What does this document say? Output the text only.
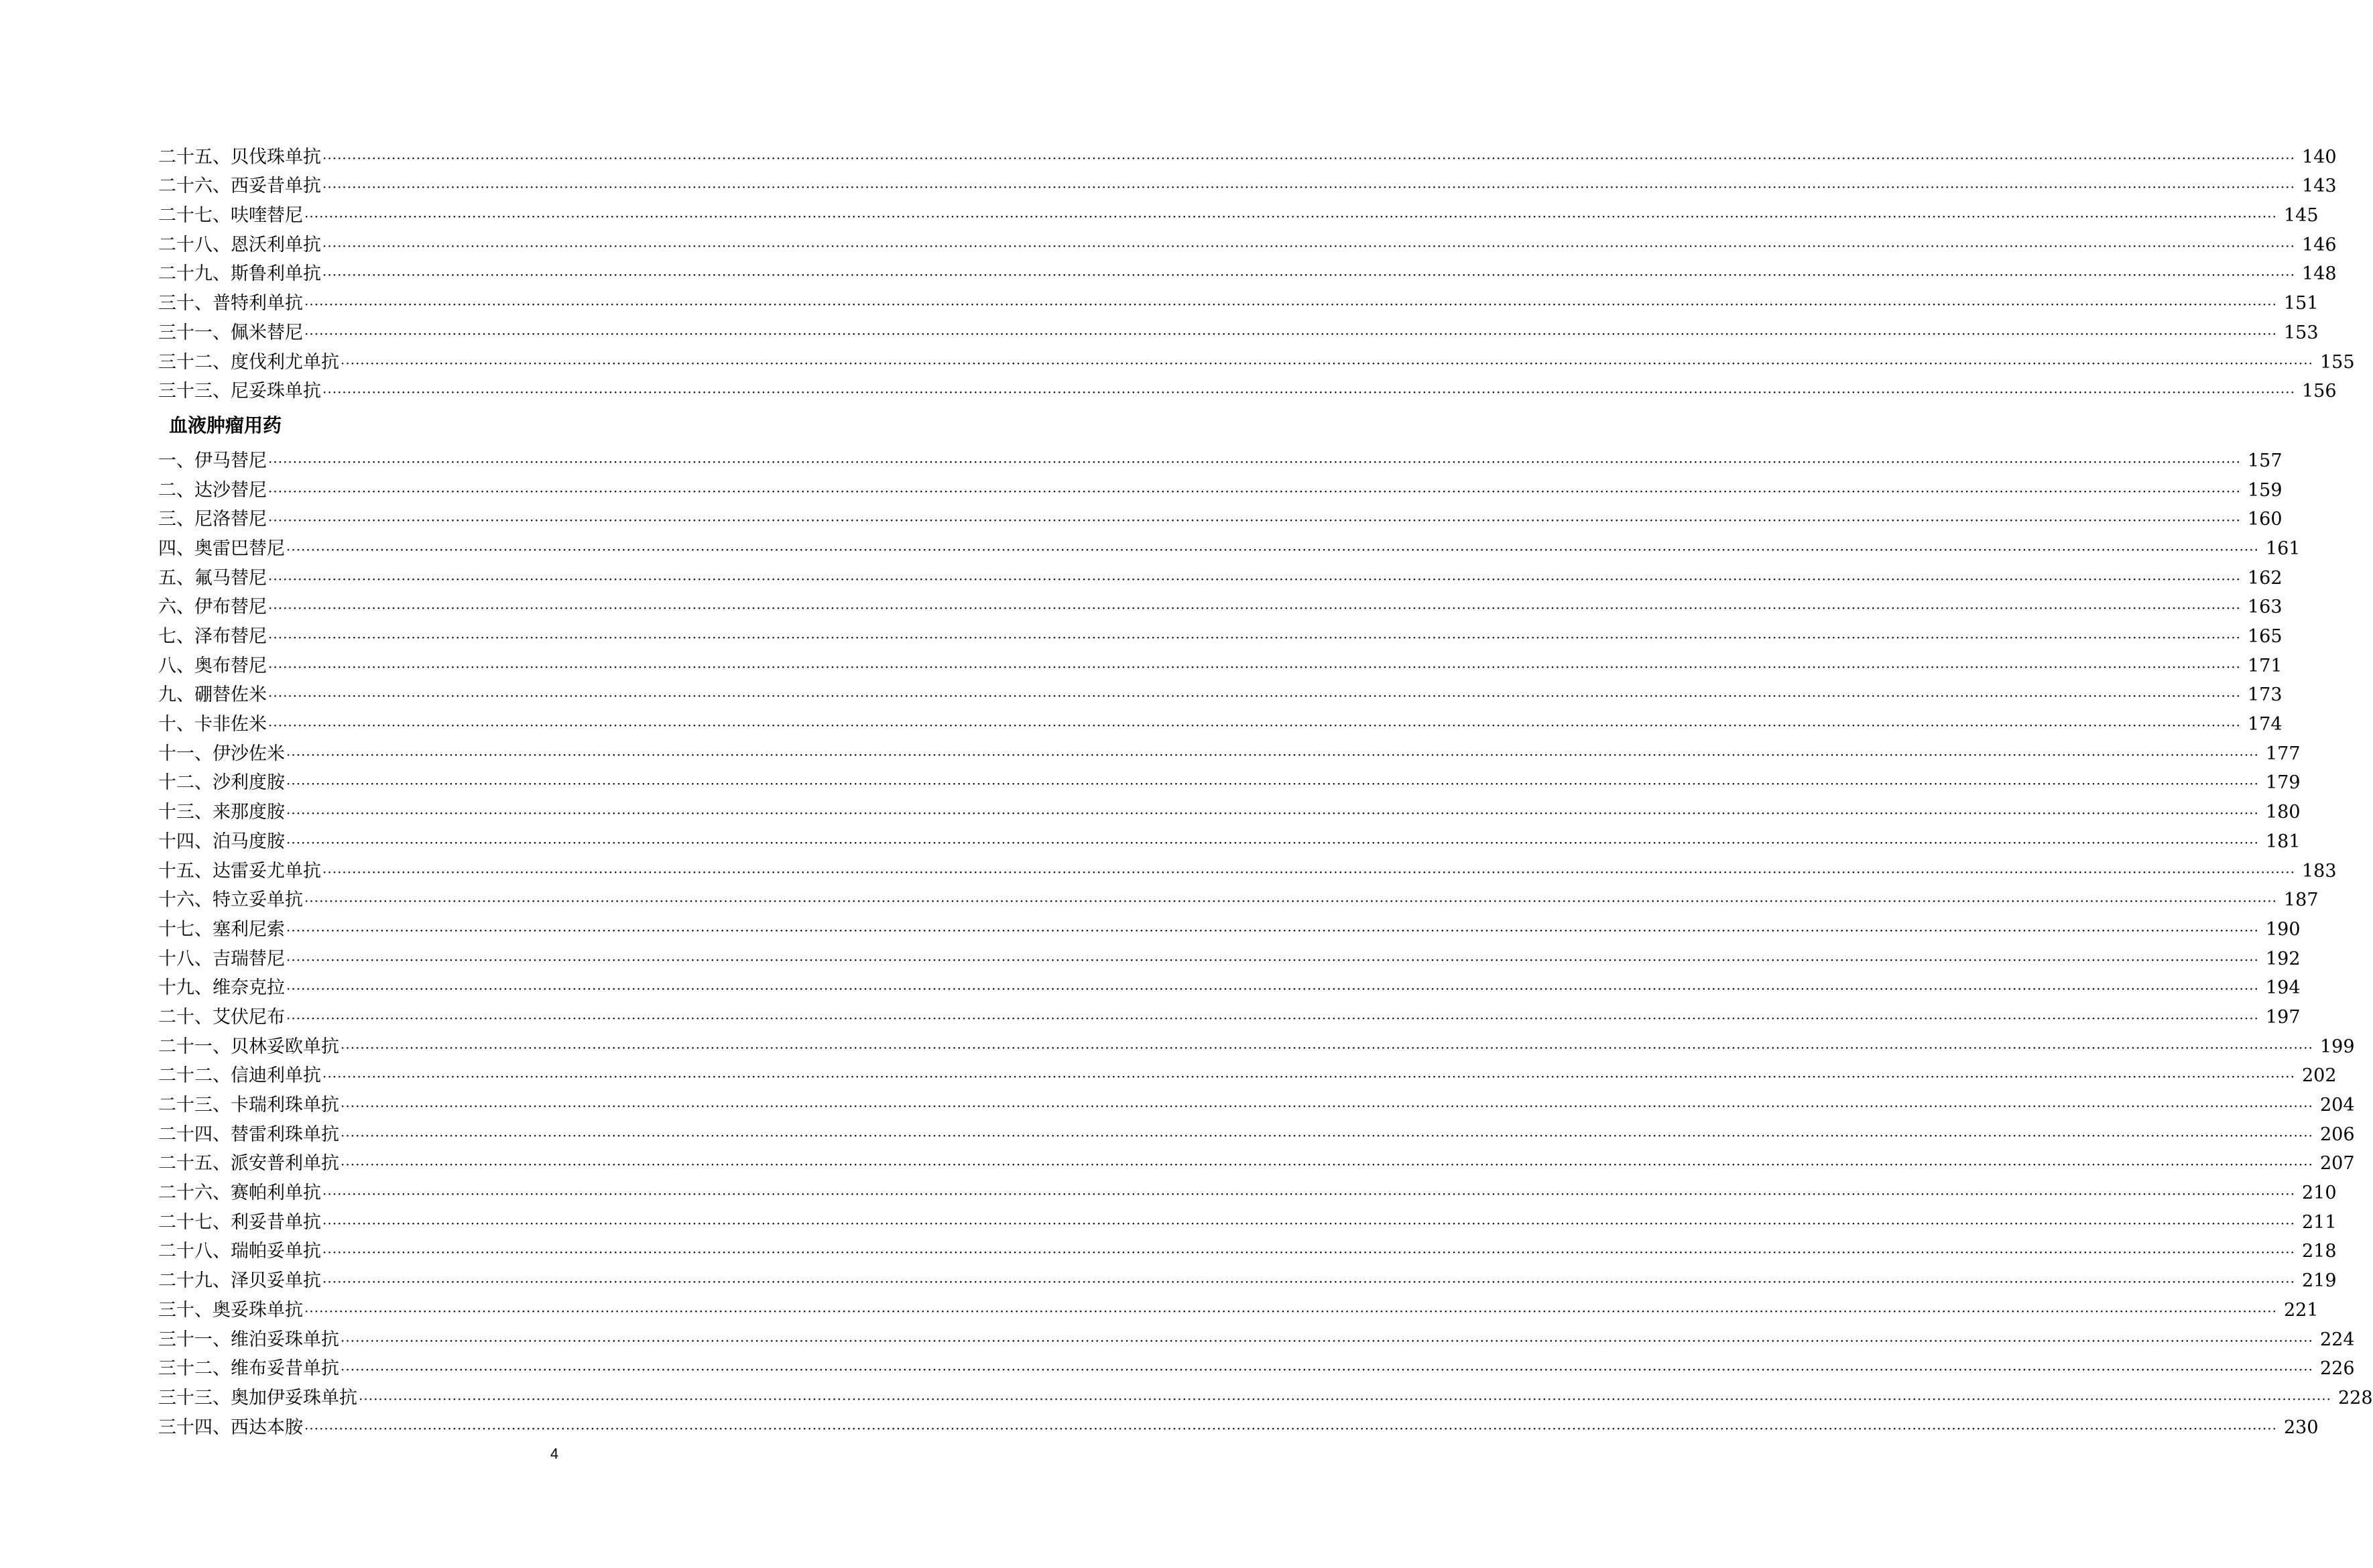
二十五、贝伐珠单抗 ················································································································································································································································································································································································································ 140
二十六、西妥昔单抗 ················································································································································································································································································································································································································ 143
二十七、呋喹替尼 ················································································································································································································································································································································································································ 145
二十八、恩沃利单抗 ················································································································································································································································································································································································································ 146
二十九、斯鲁利单抗 ················································································································································································································································································································································································································ 148
三十、普特利单抗 ················································································································································································································································································································································································································ 151
三十一、佩米替尼 ················································································································································································································································································································································································································ 153
三十二、度伐利尤单抗 ················································································································································································································································································································································································································ 155
三十三、尼妥珠单抗 ················································································································································································································································································································································································································ 156
血液肿瘤用药
一、伊马替尼 ················································································································································································································································································································································································································ 157
二、达沙替尼 ················································································································································································································································································································································································································ 159
三、尼洛替尼 ················································································································································································································································································································································································································ 160
四、奥雷巴替尼 ················································································································································································································································································································································································································ 161
五、氟马替尼 ················································································································································································································································································································································································································ 162
六、伊布替尼 ················································································································································································································································································································································································································ 163
七、泽布替尼 ················································································································································································································································································································································································································ 165
八、奥布替尼 ················································································································································································································································································································································································································ 171
九、硼替佐米 ················································································································································································································································································································································································································ 173
十、卡非佐米 ················································································································································································································································································································································································································ 174
十一、伊沙佐米 ················································································································································································································································································································································································································ 177
十二、沙利度胺 ················································································································································································································································································································································································································ 179
十三、来那度胺 ················································································································································································································································································································································································································ 180
十四、泊马度胺 ················································································································································································································································································································································································································ 181
十五、达雷妥尤单抗 ················································································································································································································································································································································································································ 183
十六、特立妥单抗 ················································································································································································································································································································································································································ 187
十七、塞利尼索 ················································································································································································································································································································································································································ 190
十八、吉瑞替尼 ················································································································································································································································································································································································································ 192
十九、维奈克拉 ················································································································································································································································································································································································································ 194
二十、艾伏尼布 ················································································································································································································································································································································································································ 197
二十一、贝林妥欧单抗 ················································································································································································································································································································································································································ 199
二十二、信迪利单抗 ················································································································································································································································································································································································································ 202
二十三、卡瑞利珠单抗 ················································································································································································································································································································································································································ 204
二十四、替雷利珠单抗 ················································································································································································································································································································································································································ 206
二十五、派安普利单抗 ················································································································································································································································································································································································································ 207
二十六、赛帕利单抗 ················································································································································································································································································································································································································ 210
二十七、利妥昔单抗 ················································································································································································································································································································································································································ 211
二十八、瑞帕妥单抗 ················································································································································································································································································································································································································ 218
二十九、泽贝妥单抗 ················································································································································································································································································································································································································ 219
三十、奥妥珠单抗 ················································································································································································································································································································································································································ 221
三十一、维泊妥珠单抗 ················································································································································································································································································································································································································ 224
三十二、维布妥昔单抗 ················································································································································································································································································································································································································ 226
三十三、奥加伊妥珠单抗 ················································································································································································································································································································································································································ 228
三十四、西达本胺 ················································································································································································································································································································································································································ 230
4
